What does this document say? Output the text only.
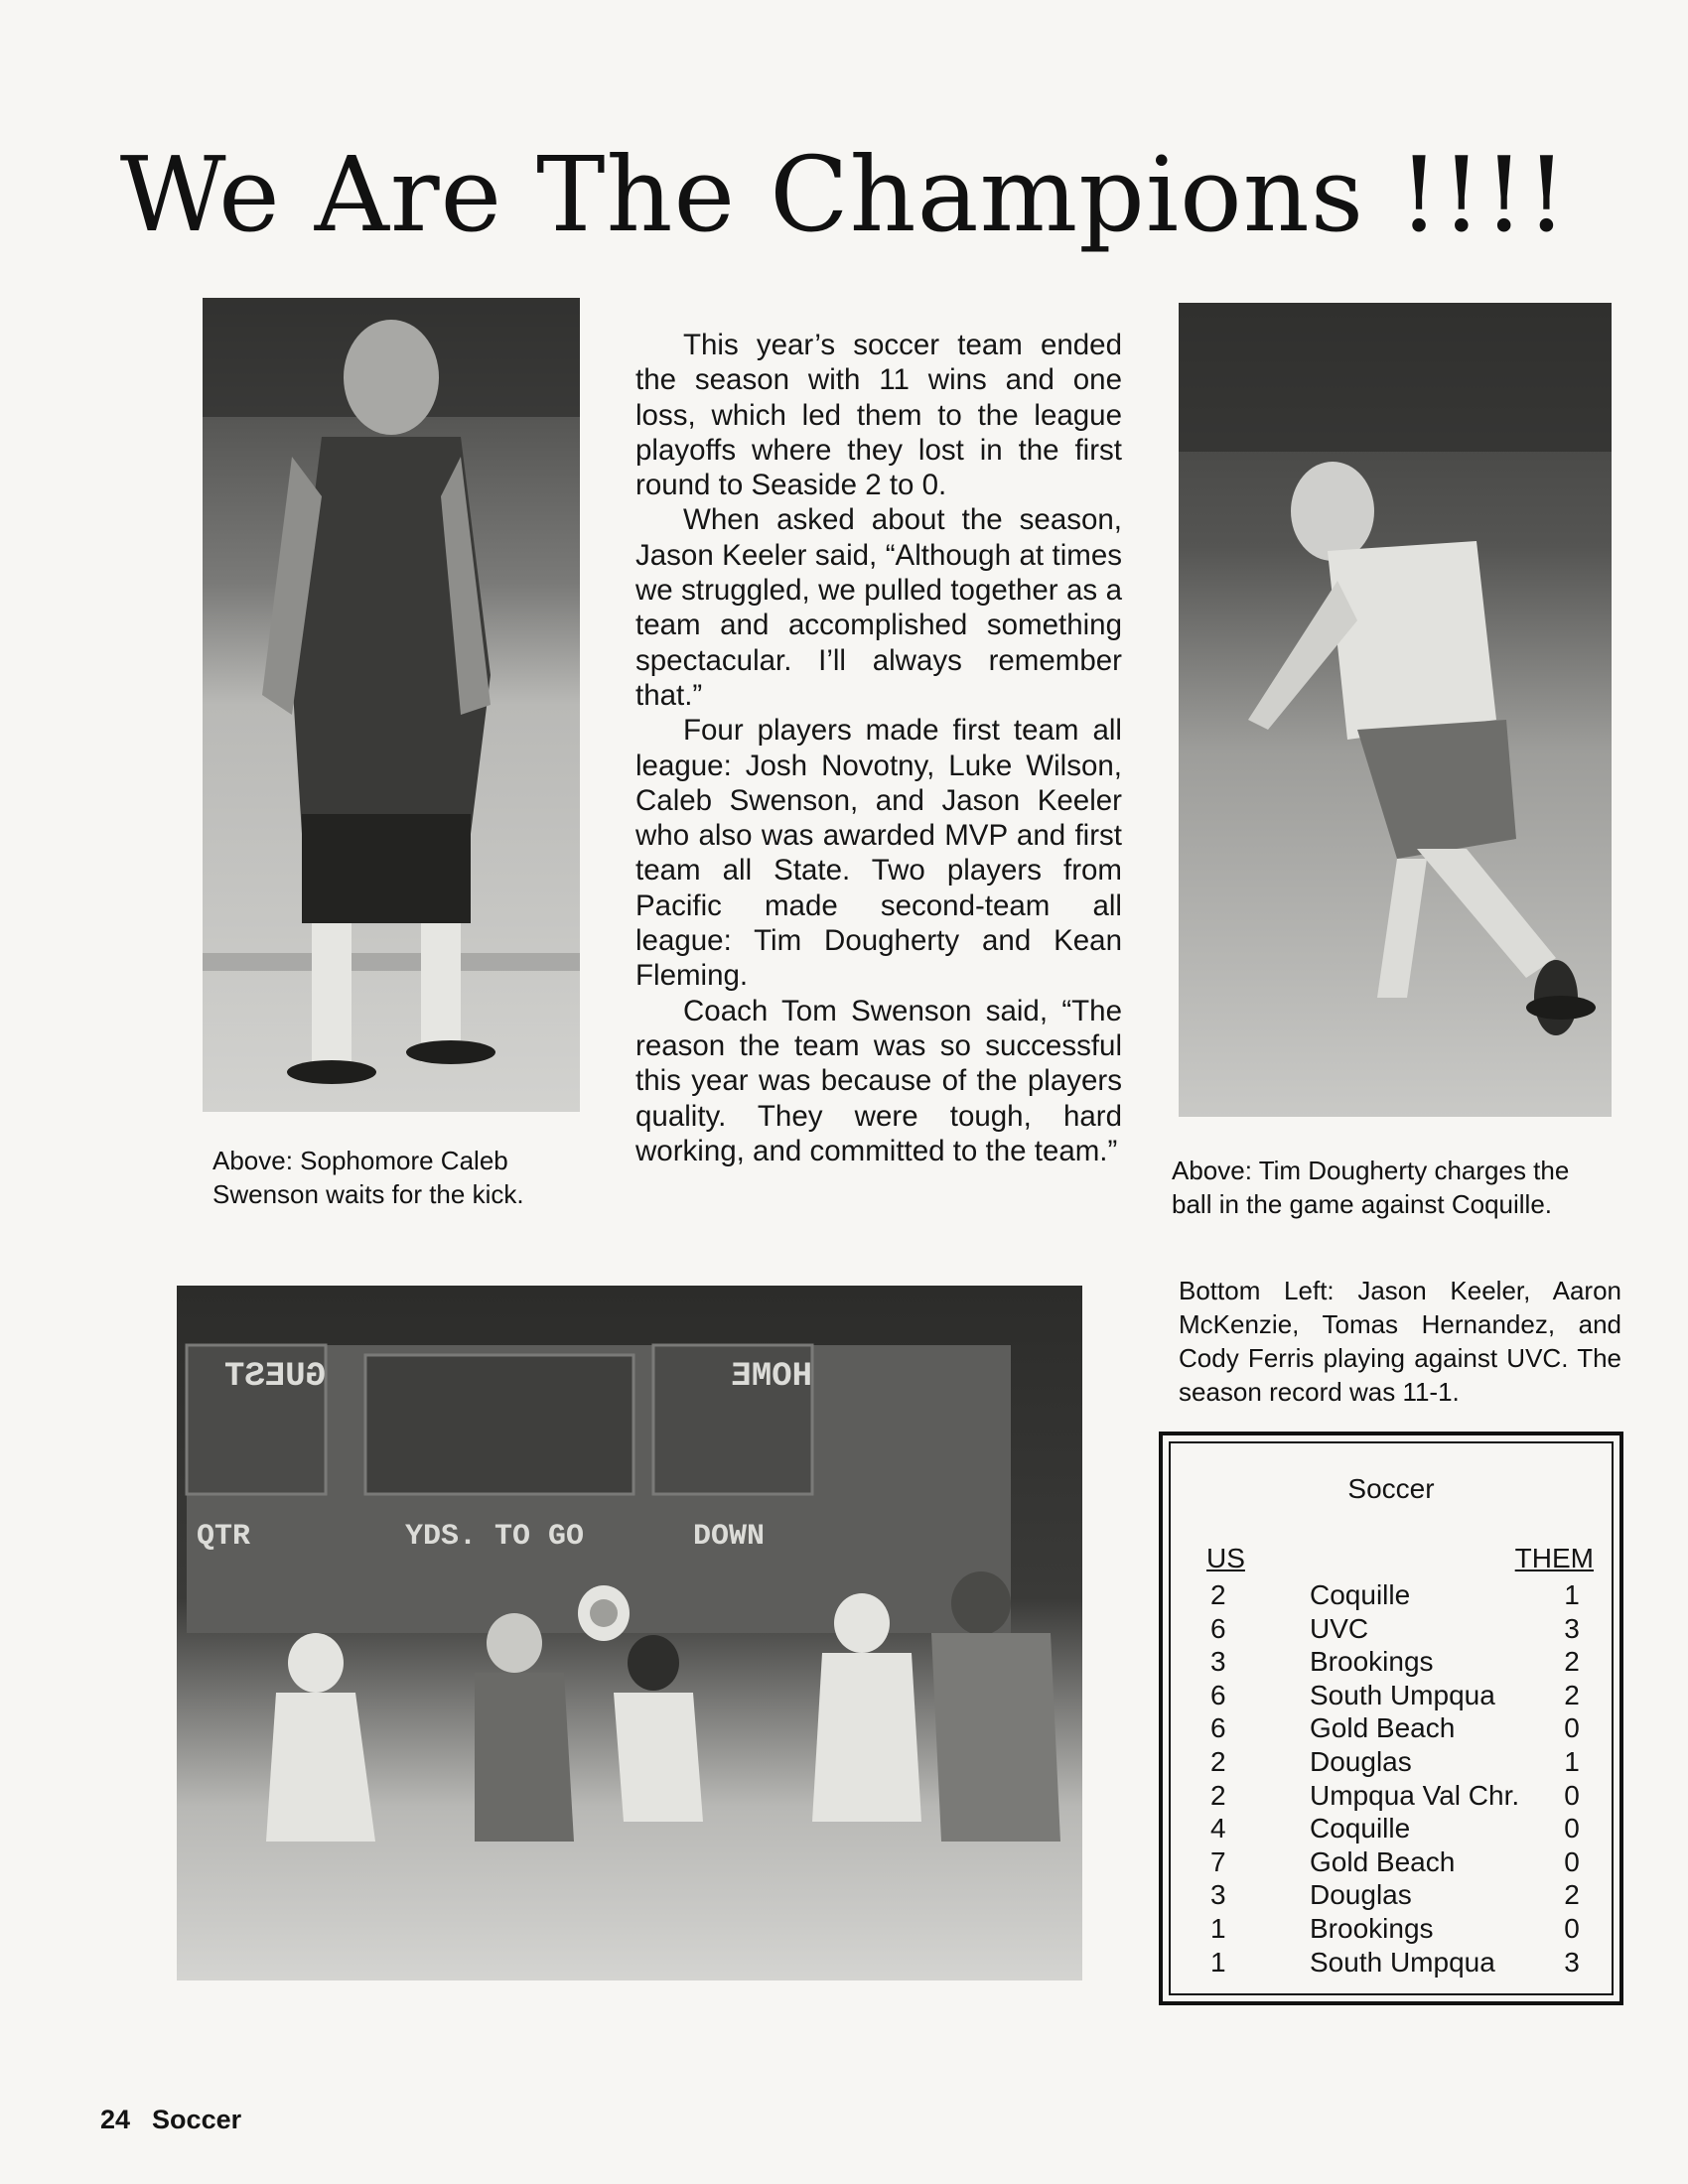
We Are The Champions !!!!
Above: Sophomore Caleb Swenson waits for the kick.

This year’s soccer team ended the season with 11 wins and one loss, which led them to the league playoffs where they lost in the first round to Seaside 2 to 0.

When asked about the season, Jason Keeler said, “Although at times we struggled, we pulled together as a team and accomplished something spectacular. I’ll always remember that.”

Four players made first team all league: Josh Novotny, Luke Wilson, Caleb Swenson, and Jason Keeler who also was awarded MVP and first team all State. Two players from Pacific made second-team all league: Tim Dougherty and Kean Fleming.

Coach Tom Swenson said, “The reason the team was so successful this year was because of the players quality. They were tough, hard working, and committed to the team.”

Above: Tim Dougherty charges the ball in the game against Coquille.
GUEST	HOME
QTR	YDS. TO GO	DOWN
Bottom Left: Jason Keeler, Aaron McKenzie, Tomas Hernandez, and Cody Ferris playing against UVC. The season record was 11-1.
Soccer
US	THEM
2	Coquille	1
6	UVC	3
3	Brookings	2
6	South Umpqua	2
6	Gold Beach	0
2	Douglas	1
2	Umpqua Val Chr.	0
4	Coquille	0
7	Gold Beach	0
3	Douglas	2
1	Brookings	0
1	South Umpqua	3
24 Soccer
